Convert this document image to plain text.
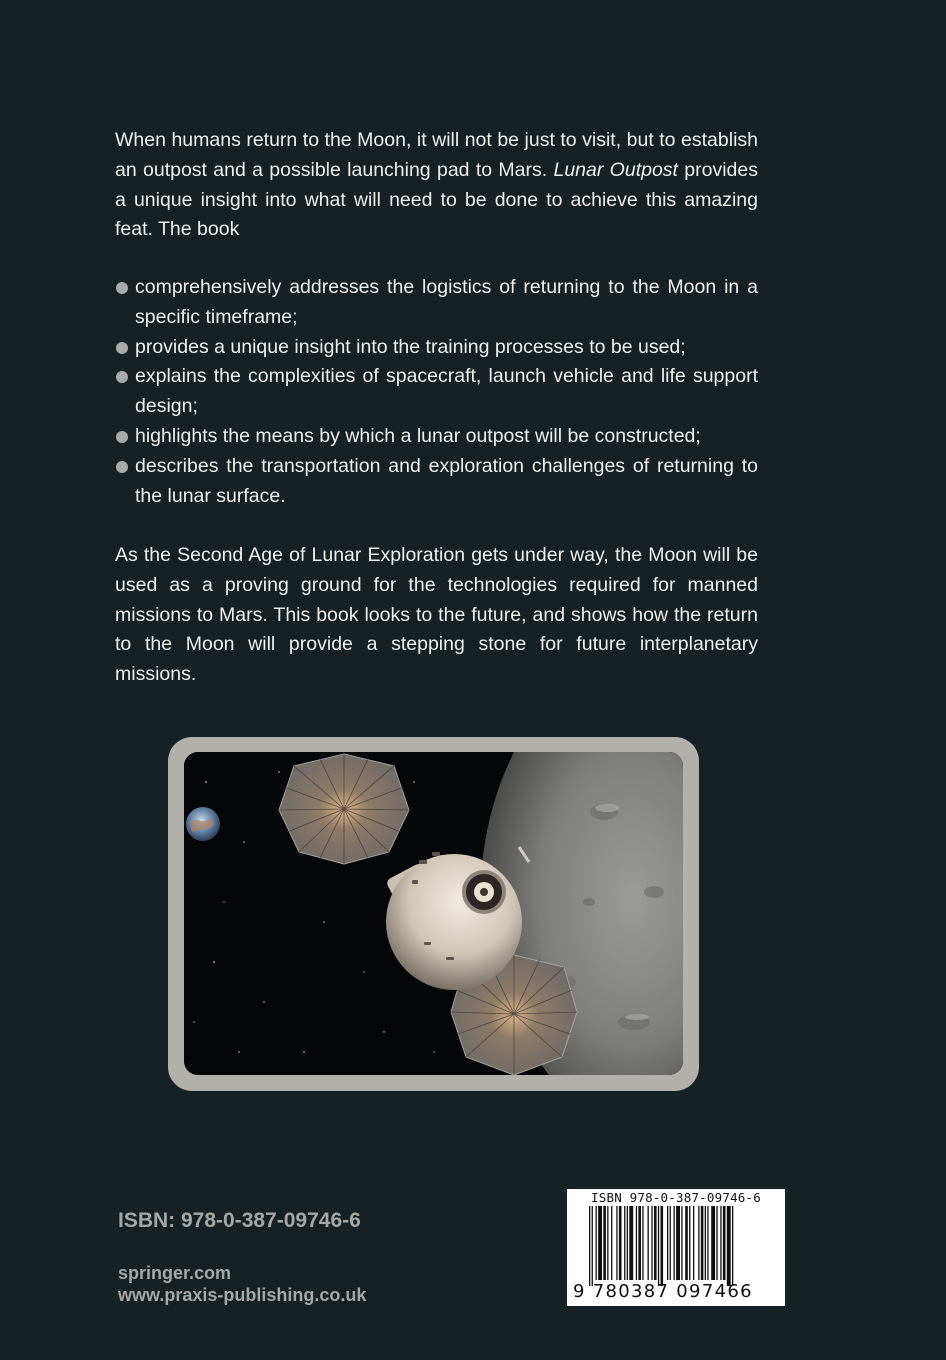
When humans return to the Moon, it will not be just to visit, but to establish an outpost and a possible launching pad to Mars. Lunar Outpost provides a unique insight into what will need to be done to achieve this amazing feat. The book

comprehensively addresses the logistics of returning to the Moon in a specific timeframe;
provides a unique insight into the training processes to be used;
explains the complexities of spacecraft, launch vehicle and life support design;
highlights the means by which a lunar outpost will be constructed;
describes the transportation and exploration challenges of returning to the lunar surface.

As the Second Age of Lunar Exploration gets under way, the Moon will be used as a proving ground for the technologies required for manned missions to Mars. This book looks to the future, and shows how the return to the Moon will provide a stepping stone for future interplanetary missions.

ISBN: 978-0-387-09746-6
springer.com
www.praxis-publishing.co.uk
ISBN 978-0-387-09746-6
9 780387 097466
